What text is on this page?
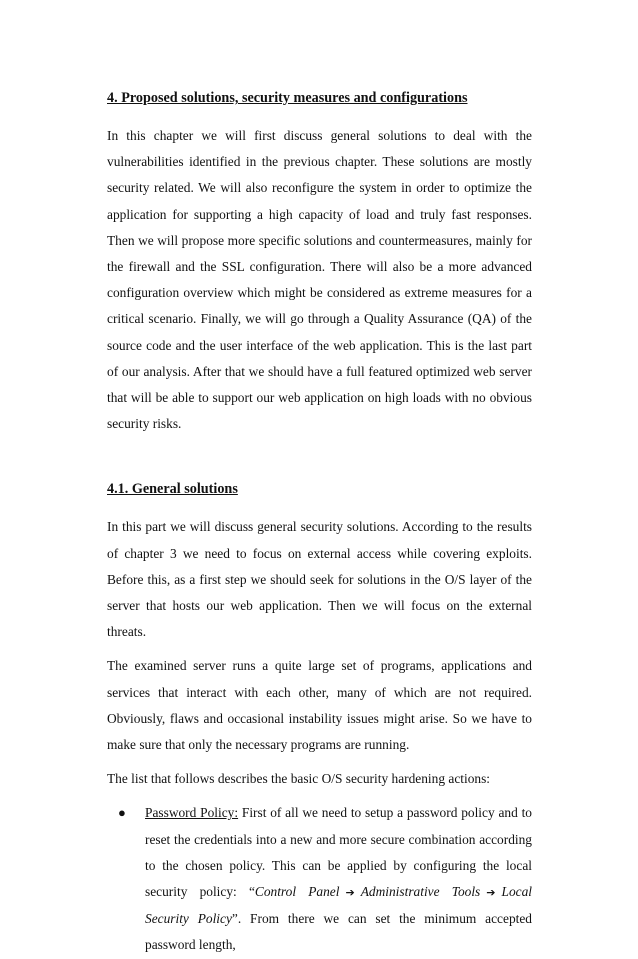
4. Proposed solutions, security measures and configurations

In this chapter we will first discuss general solutions to deal with the vulnerabilities identified in the previous chapter. These solutions are mostly security related. We will also reconfigure the system in order to optimize the application for supporting a high capacity of load and truly fast responses. Then we will propose more specific solutions and countermeasures, mainly for the firewall and the SSL configuration. There will also be a more advanced configuration overview which might be considered as extreme measures for a critical scenario. Finally, we will go through a Quality Assurance (QA) of the source code and the user interface of the web application. This is the last part of our analysis. After that we should have a full featured optimized web server that will be able to support our web application on high loads with no obvious security risks.

4.1. General solutions

In this part we will discuss general security solutions. According to the results of chapter 3 we need to focus on external access while covering exploits. Before this, as a first step we should seek for solutions in the O/S layer of the server that hosts our web application. Then we will focus on the external threats.

The examined server runs a quite large set of programs, applications and services that interact with each other, many of which are not required. Obviously, flaws and occasional instability issues might arise. So we have to make sure that only the necessary programs are running.

The list that follows describes the basic O/S security hardening actions:

● Password Policy: First of all we need to setup a password policy and to reset the credentials into a new and more secure combination according to the chosen policy. This can be applied by configuring the local security policy: “Control Panel ➔ Administrative Tools ➔ Local Security Policy”. From there we can set the minimum accepted password length,
